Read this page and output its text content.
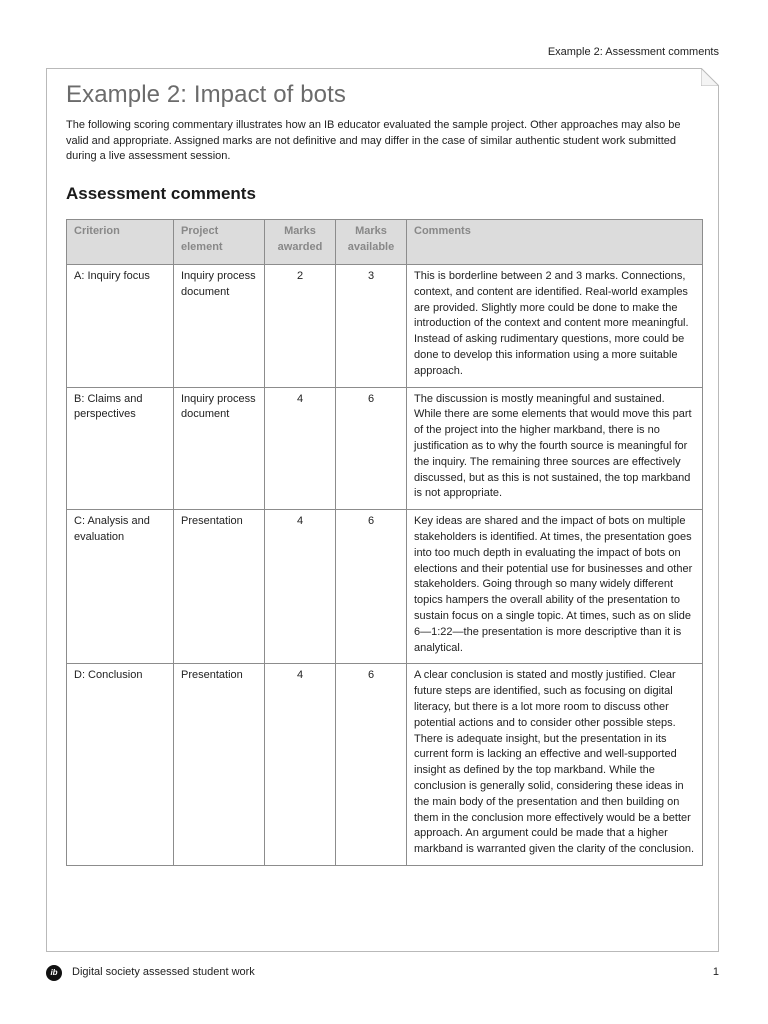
Example 2: Assessment comments
Example 2: Impact of bots

The following scoring commentary illustrates how an IB educator evaluated the sample project. Other approaches may also be valid and appropriate. Assigned marks are not definitive and may differ in the case of similar authentic student work submitted during a live assessment session.

Assessment comments
Criterion	Project element	Marks awarded	Marks available	Comments
A: Inquiry focus	Inquiry process document	2	3	This is borderline between 2 and 3 marks. Connections, context, and content are identified. Real-world examples are provided. Slightly more could be done to make the introduction of the context and content more meaningful. Instead of asking rudimentary questions, more could be done to develop this information using a more suitable approach.
B: Claims and perspectives	Inquiry process document	4	6	The discussion is mostly meaningful and sustained. While there are some elements that would move this part of the project into the higher markband, there is no justification as to why the fourth source is meaningful for the inquiry. The remaining three sources are effectively discussed, but as this is not sustained, the top markband is not appropriate.
C: Analysis and evaluation	Presentation	4	6	Key ideas are shared and the impact of bots on multiple stakeholders is identified. At times, the presentation goes into too much depth in evaluating the impact of bots on elections and their potential use for businesses and other stakeholders. Going through so many widely different topics hampers the overall ability of the presentation to sustain focus on a single topic. At times, such as on slide 6—1:22—the presentation is more descriptive than it is analytical.
D: Conclusion	Presentation	4	6	A clear conclusion is stated and mostly justified. Clear future steps are identified, such as focusing on digital literacy, but there is a lot more room to discuss other potential actions and to consider other possible steps. There is adequate insight, but the presentation in its current form is lacking an effective and well-supported insight as defined by the top markband. While the conclusion is generally solid, considering these ideas in the main body of the presentation and then building on them in the conclusion more effectively would be a better approach. An argument could be made that a higher markband is warranted given the clarity of the conclusion.
ib	Digital society assessed student work	1
